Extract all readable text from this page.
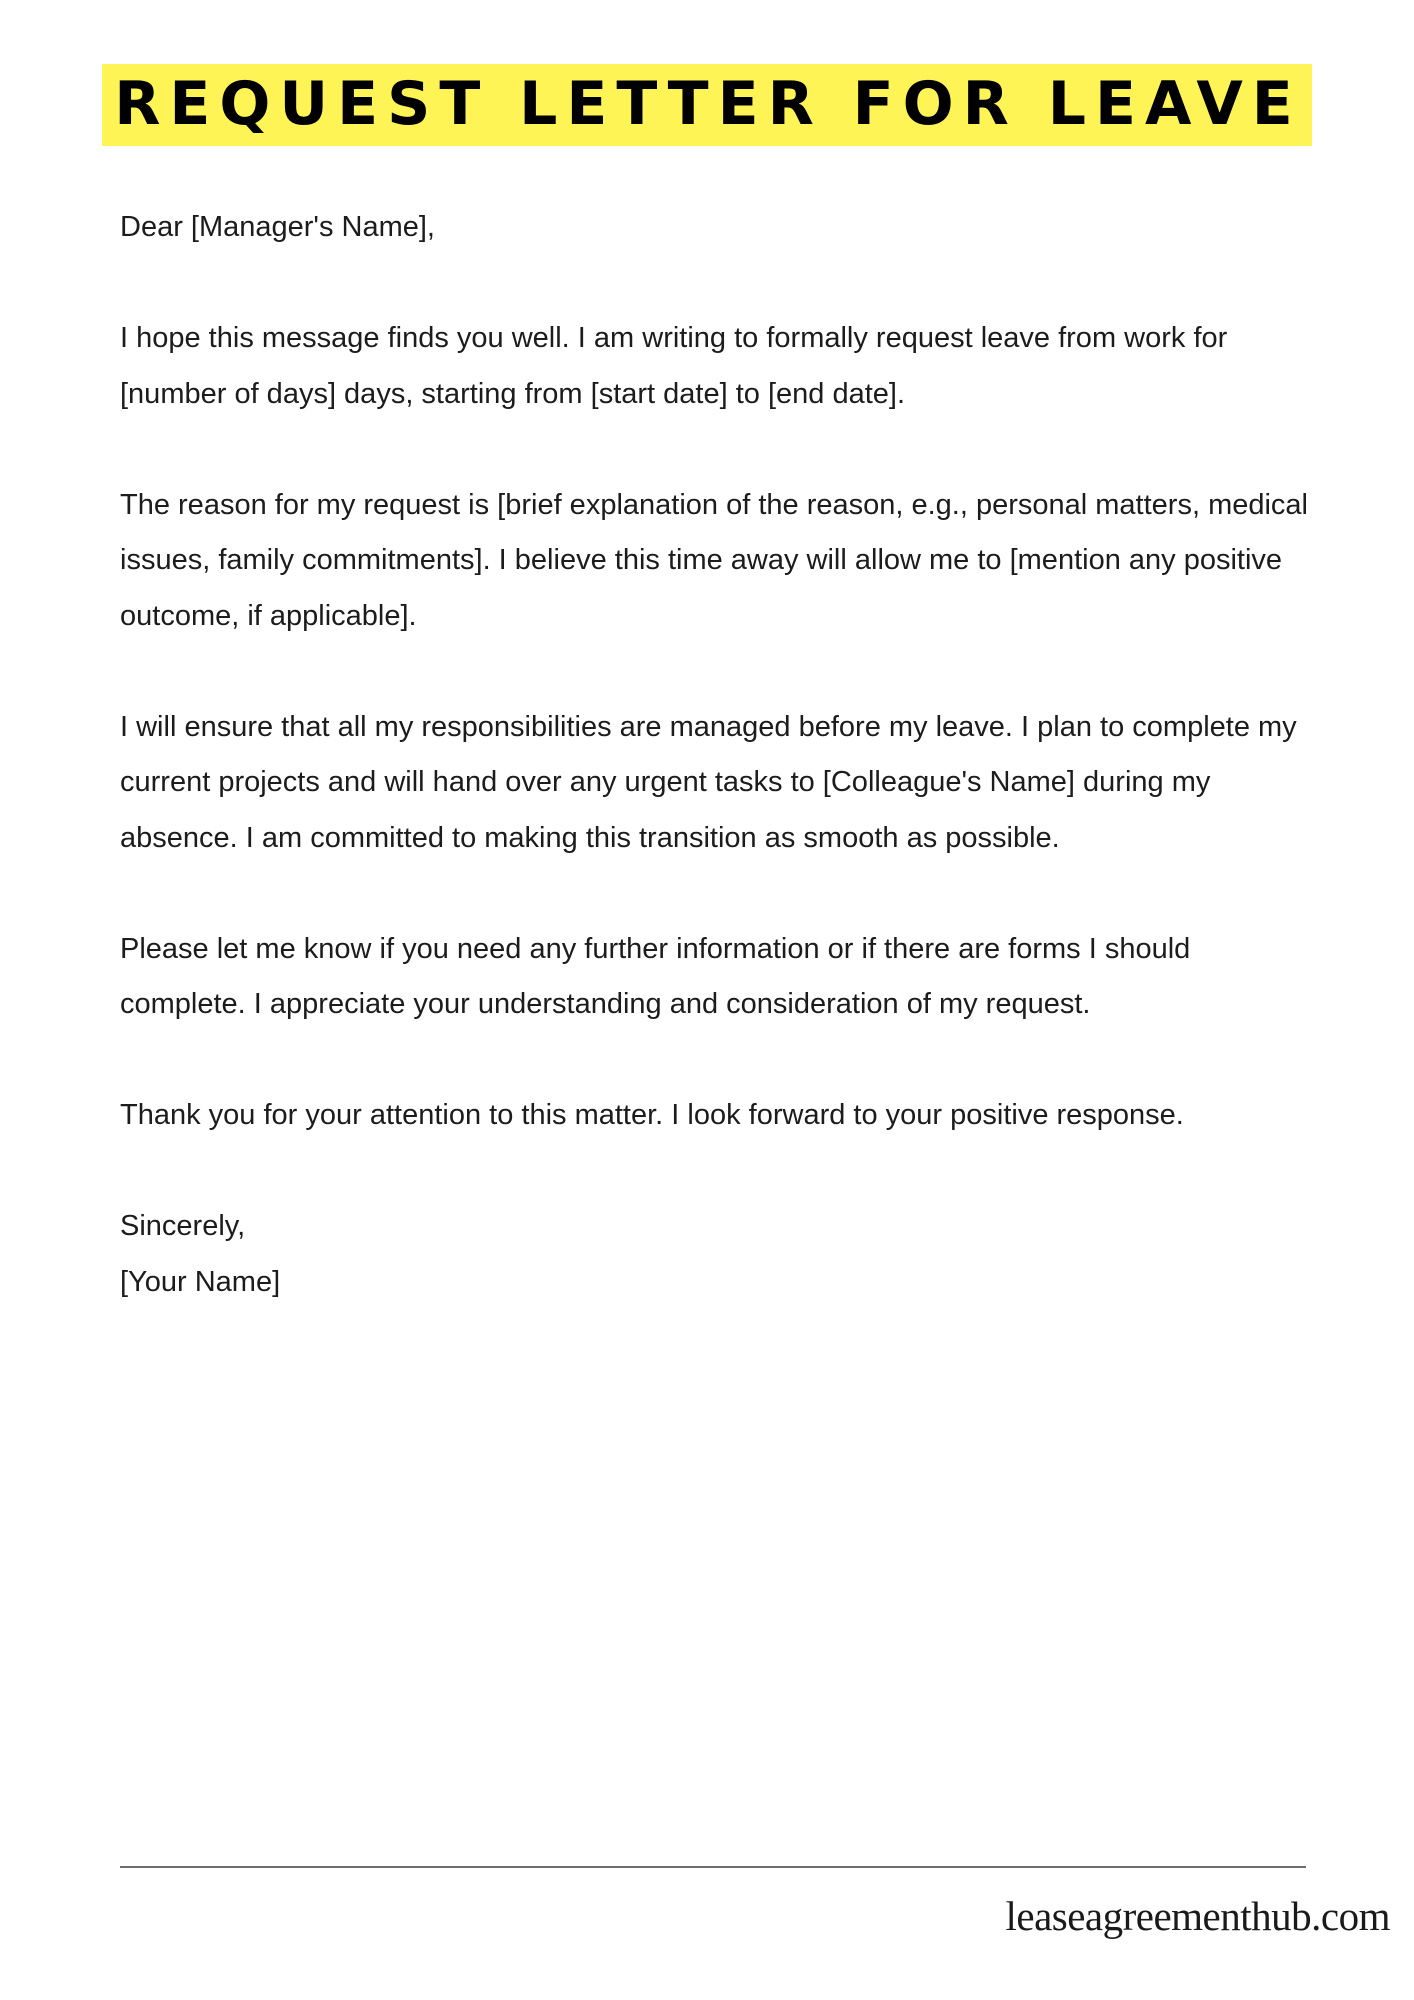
REQUEST LETTER FOR LEAVE

Dear [Manager's Name],

I hope this message finds you well. I am writing to formally request leave from work for [number of days] days, starting from [start date] to [end date].

The reason for my request is [brief explanation of the reason, e.g., personal matters, medical issues, family commitments]. I believe this time away will allow me to [mention any positive outcome, if applicable].

I will ensure that all my responsibilities are managed before my leave. I plan to complete my current projects and will hand over any urgent tasks to [Colleague's Name] during my absence. I am committed to making this transition as smooth as possible.

Please let me know if you need any further information or if there are forms I should complete. I appreciate your understanding and consideration of my request.

Thank you for your attention to this matter. I look forward to your positive response.

Sincerely,

[Your Name]

leaseagreementhub.com
